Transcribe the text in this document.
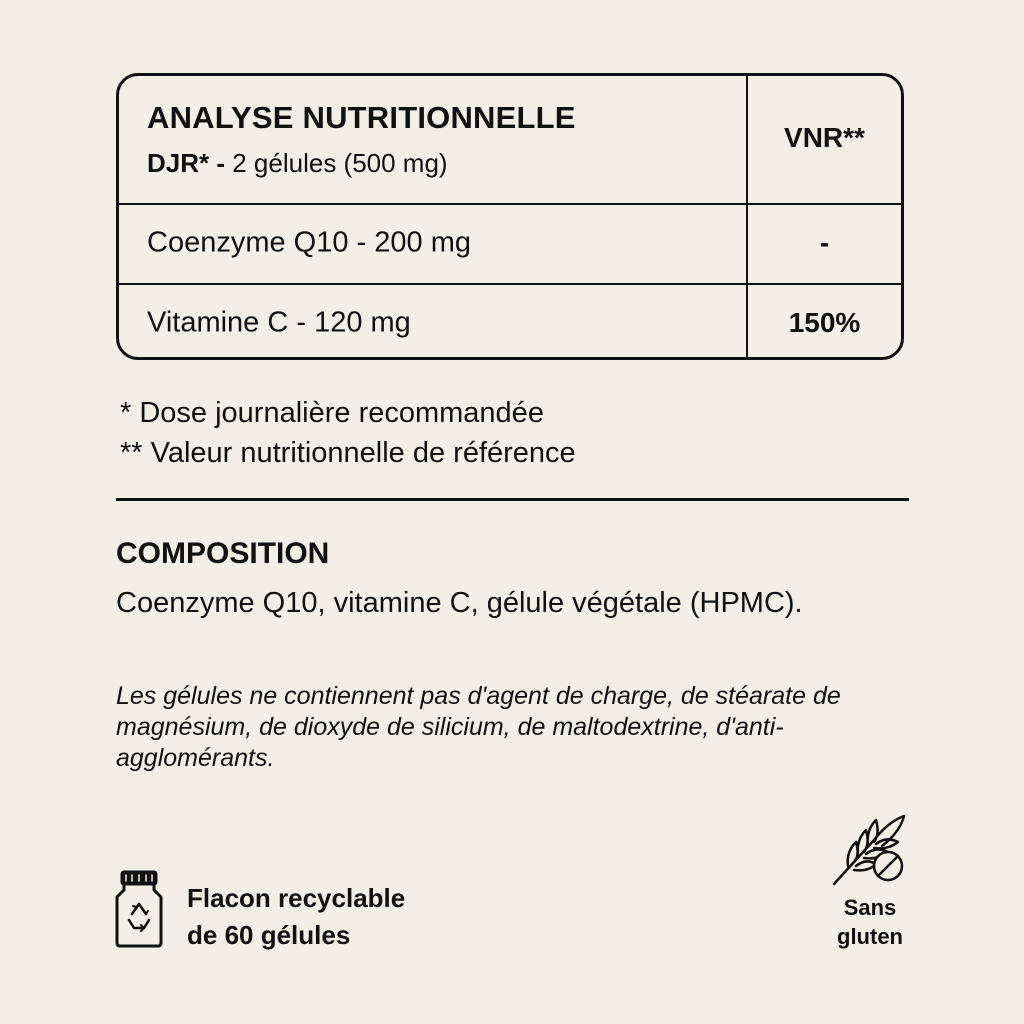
ANALYSE NUTRITIONNELLE
DJR* - 2 gélules (500 mg)
VNR**
Coenzyme Q10 - 200 mg	-
Vitamine C - 120 mg	150%
* Dose journalière recommandée
** Valeur nutritionnelle de référence
COMPOSITION
Coenzyme Q10, vitamine C, gélule végétale (HPMC).
Les gélules ne contiennent pas d'agent de charge, de stéarate de magnésium, de dioxyde de silicium, de maltodextrine, d'anti-agglomérants.
Flacon recyclable
de 60 gélules
Sans
gluten
